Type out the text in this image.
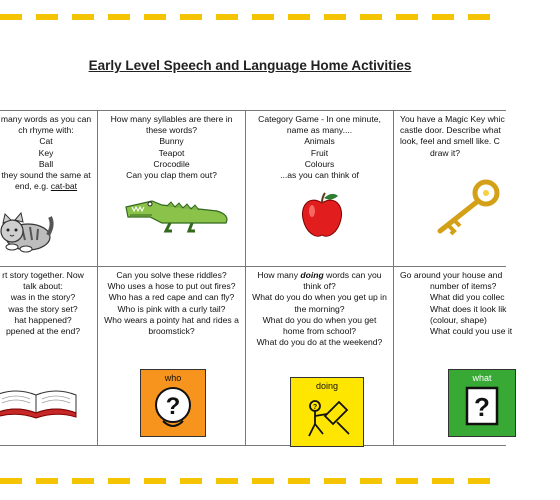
Early Level Speech and Language Home Activities
many words as you can
ch rhyme with:
Cat
Key
Ball
they sound the same at
end, e.g. cat-bat
How many syllables are there in
these words?
Bunny
Teapot
Crocodile
Can you clap them out?
Category Game - In one minute,
name as many....
Animals
Fruit
Colours
...as you can think of
You have a Magic Key whic
castle door. Describe what
look, feel and smell like. C
draw it?
rt story together. Now
talk about:
was in the story?
was the story set?
hat happened?
ppened at the end?
Can you solve these riddles?
Who uses a hose to put out fires?
Who has a red cape and can fly?
Who is pink with a curly tail?
Who wears a pointy hat and rides a
broomstick?
who
?
How many doing words can you
think of?
What do you do when you get up in
the morning?
What do you do when you get
home from school?
What do you do at the weekend?
doing
?
Go around your house and
number of items?
What did you collec
What does it look lik
(colour, shape)
What could you use it
what
?
